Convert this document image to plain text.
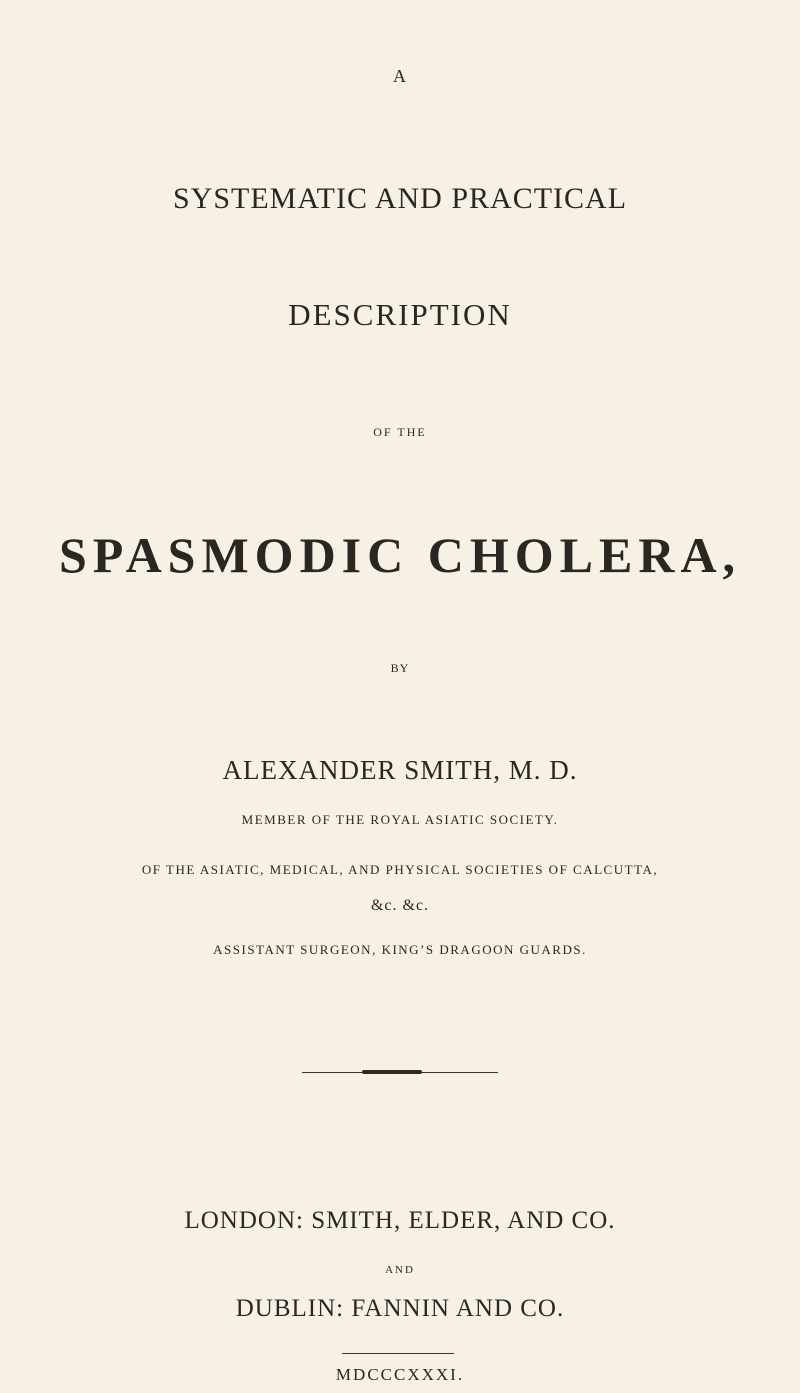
A
SYSTEMATIC AND PRACTICAL
DESCRIPTION
OF THE
SPASMODIC CHOLERA,
BY
ALEXANDER SMITH, M. D.
MEMBER OF THE ROYAL ASIATIC SOCIETY.
OF THE ASIATIC, MEDICAL, AND PHYSICAL SOCIETIES OF CALCUTTA,
&c. &c.
ASSISTANT SURGEON, KING’S DRAGOON GUARDS.
LONDON: SMITH, ELDER, AND CO.
AND
DUBLIN: FANNIN AND CO.
MDCCCXXXI.
